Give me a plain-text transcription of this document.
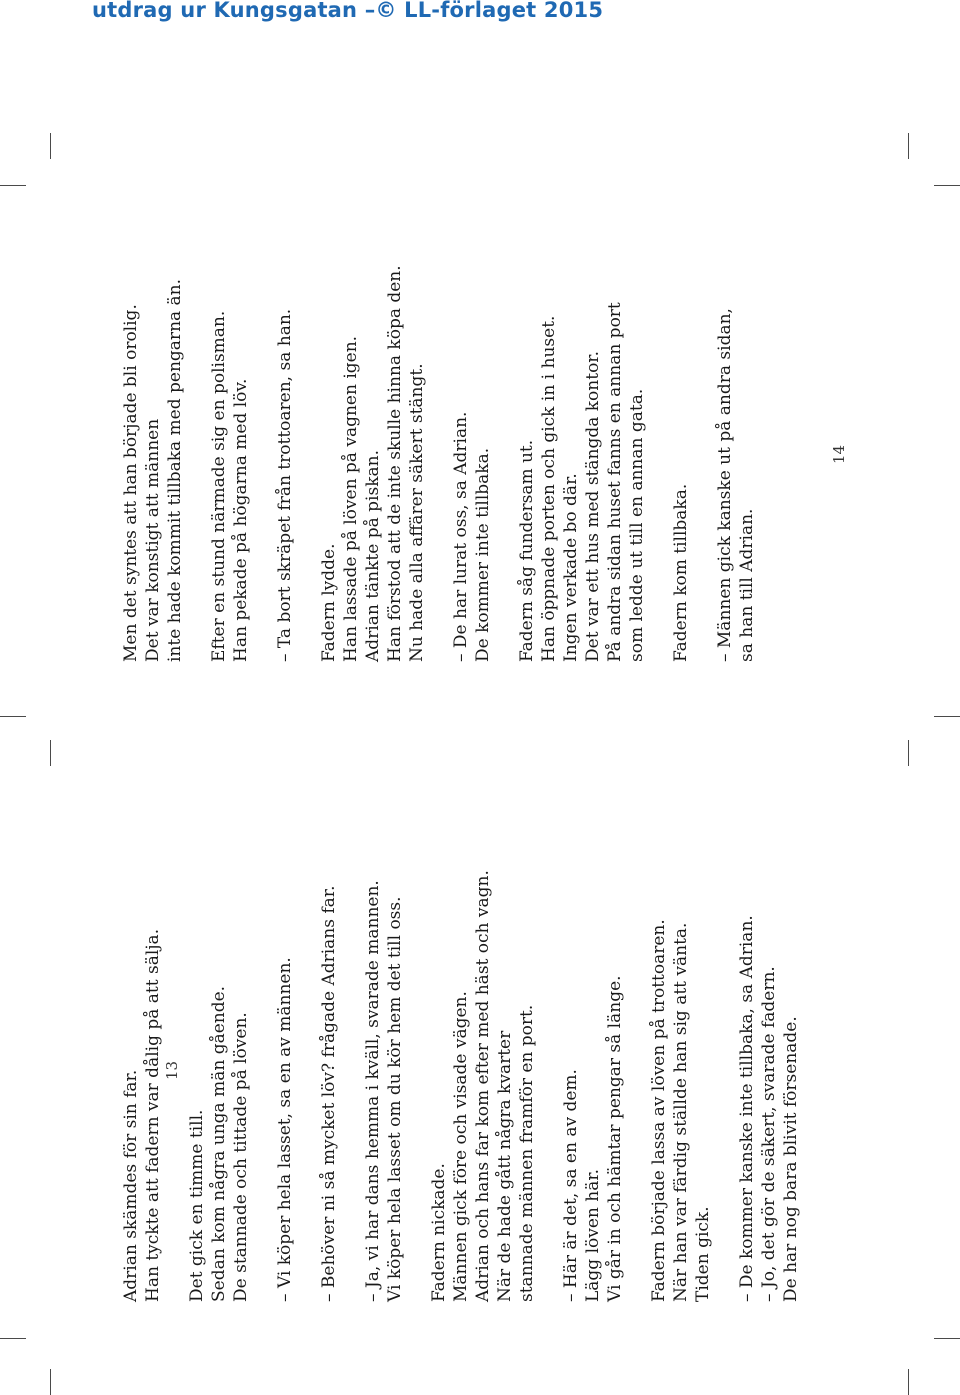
utdrag ur Kungsgatan –© LL-förlaget 2015
Adrian skämdes för sin far. Han tyckte att fadern var dålig på att sälja. Det gick en timme till. Sedan kom några unga män gående. De stannade och tittade på löven. – Vi köper hela lasset, sa en av männen. – Behöver ni så mycket löv? frågade Adrians far. – Ja, vi har dans hemma i kväll, svarade mannen. Vi köper hela lasset om du kör hem det till oss. Fadern nickade. Männen gick före och visade vägen. Adrian och hans far kom efter med häst och vagn. När de hade gått några kvarter stannade männen framför en port. – Här är det, sa en av dem. Lägg löven här. Vi går in och hämtar pengar så länge. Fadern började lassa av löven på trottoaren. När han var färdig ställde han sig att vänta. Tiden gick. – De kommer kanske inte tillbaka, sa Adrian. – Jo, det gör de säkert, svarade fadern. De har nog bara blivit försenade.
13
Men det syntes att han började bli orolig. Det var konstigt att männen inte hade kommit tillbaka med pengarna än. Efter en stund närmade sig en polisman. Han pekade på högarna med löv. – Ta bort skräpet från trottoaren, sa han. Fadern lydde. Han lassade på löven på vagnen igen. Adrian tänkte på piskan. Han förstod att de inte skulle hinna köpa den. Nu hade alla affärer säkert stängt. – De har lurat oss, sa Adrian. De kommer inte tillbaka. Fadern såg fundersam ut. Han öppnade porten och gick in i huset. Ingen verkade bo där. Det var ett hus med stängda kontor. På andra sidan huset fanns en annan port som ledde ut till en annan gata. Fadern kom tillbaka. – Männen gick kanske ut på andra sidan, sa han till Adrian.
14
